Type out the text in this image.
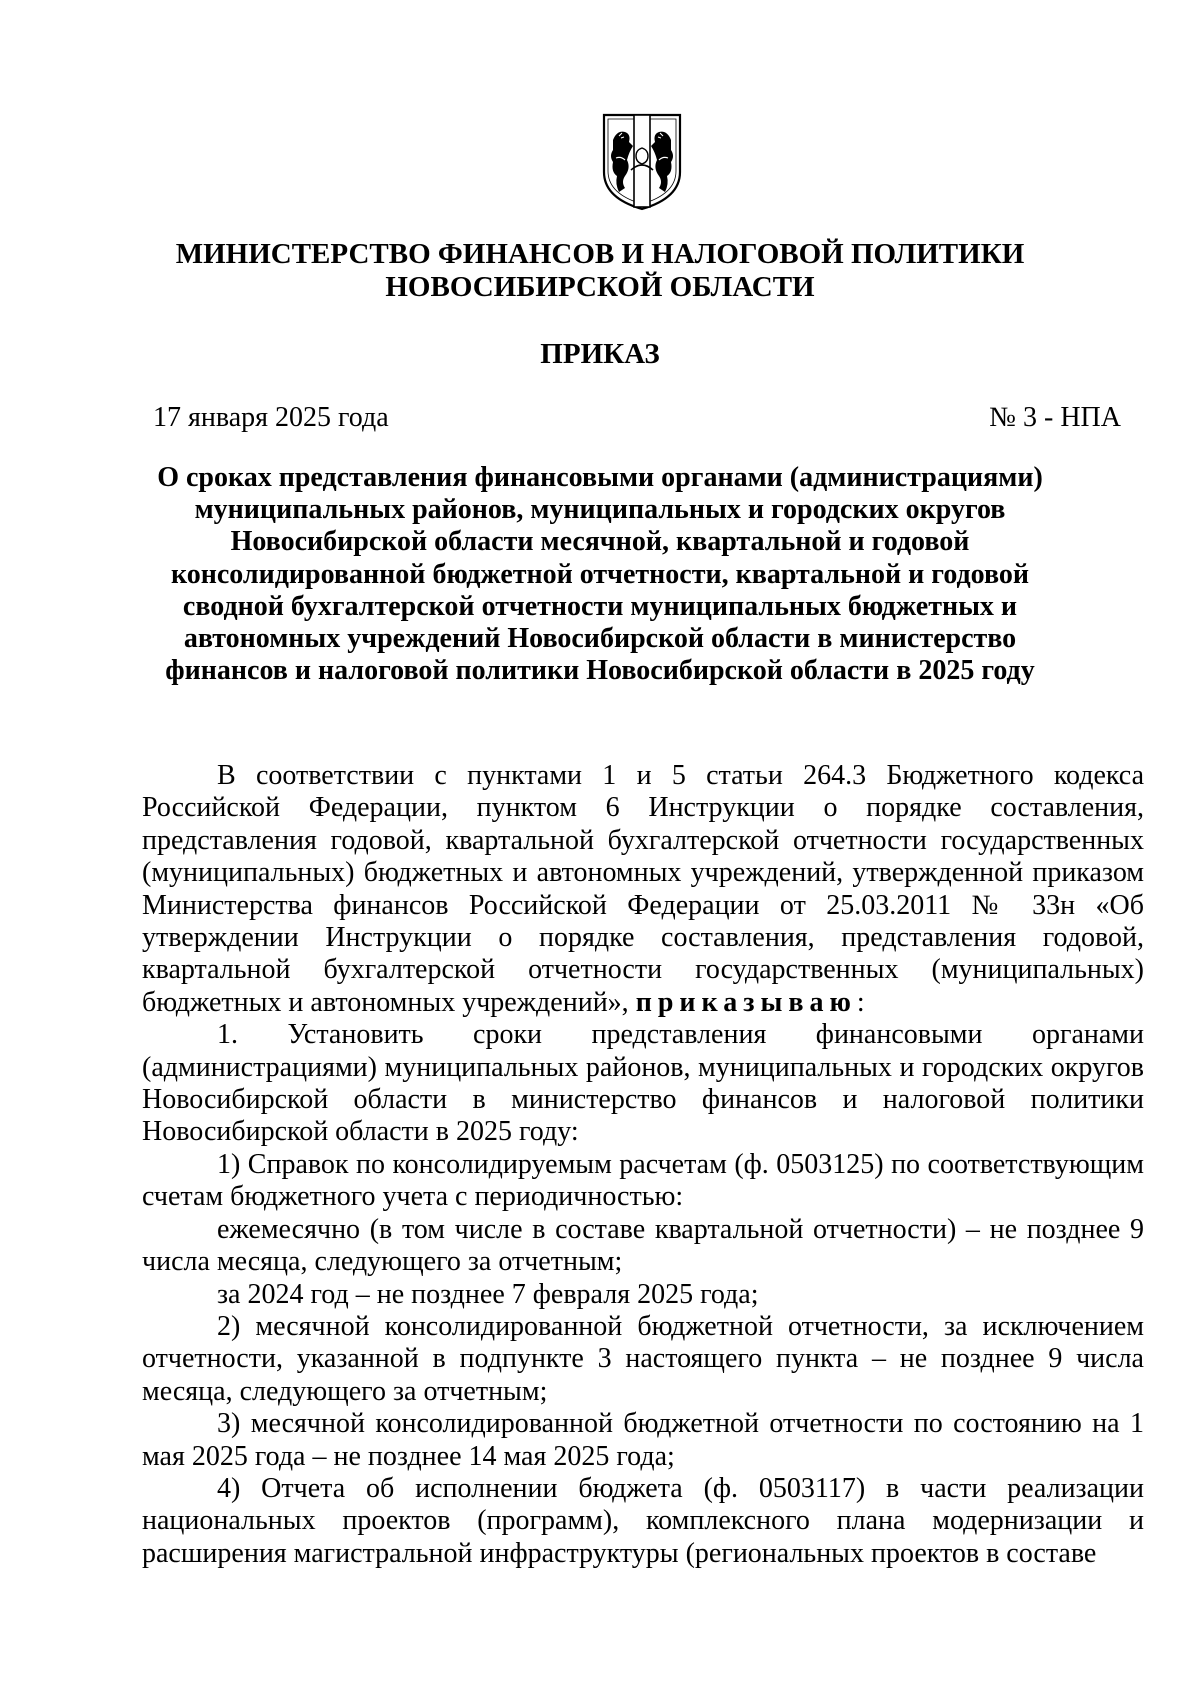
МИНИСТЕРСТВО ФИНАНСОВ И НАЛОГОВОЙ ПОЛИТИКИ
НОВОСИБИРСКОЙ ОБЛАСТИ
ПРИКАЗ
17 января 2025 года	№ 3 - НПА
О сроках представления финансовыми органами (администрациями) муниципальных районов, муниципальных и городских округов Новосибирской области месячной, квартальной и годовой консолидированной бюджетной отчетности, квартальной и годовой сводной бухгалтерской отчетности муниципальных бюджетных и автономных учреждений Новосибирской области в министерство финансов и налоговой политики Новосибирской области в 2025 году

В соответствии с пунктами 1 и 5 статьи 264.3 Бюджетного кодекса Российской Федерации, пунктом 6 Инструкции о порядке составления, представления годовой, квартальной бухгалтерской отчетности государственных (муниципальных) бюджетных и автономных учреждений, утвержденной приказом Министерства финансов Российской Федерации от 25.03.2011 № 33н «Об утверждении Инструкции о порядке составления, представления годовой, квартальной бухгалтерской отчетности государственных (муниципальных) бюджетных и автономных учреждений», приказываю:

1. Установить сроки представления финансовыми органами (администрациями) муниципальных районов, муниципальных и городских округов Новосибирской области в министерство финансов и налоговой политики Новосибирской области в 2025 году:

1) Справок по консолидируемым расчетам (ф. 0503125) по соответствующим счетам бюджетного учета с периодичностью:

ежемесячно (в том числе в составе квартальной отчетности) – не позднее 9 числа месяца, следующего за отчетным;

за 2024 год – не позднее 7 февраля 2025 года;

2) месячной консолидированной бюджетной отчетности, за исключением отчетности, указанной в подпункте 3 настоящего пункта – не позднее 9 числа месяца, следующего за отчетным;

3) месячной консолидированной бюджетной отчетности по состоянию на 1 мая 2025 года – не позднее 14 мая 2025 года;

4) Отчета об исполнении бюджета (ф. 0503117) в части реализации национальных проектов (программ), комплексного плана модернизации и расширения магистральной инфраструктуры (региональных проектов в составе
